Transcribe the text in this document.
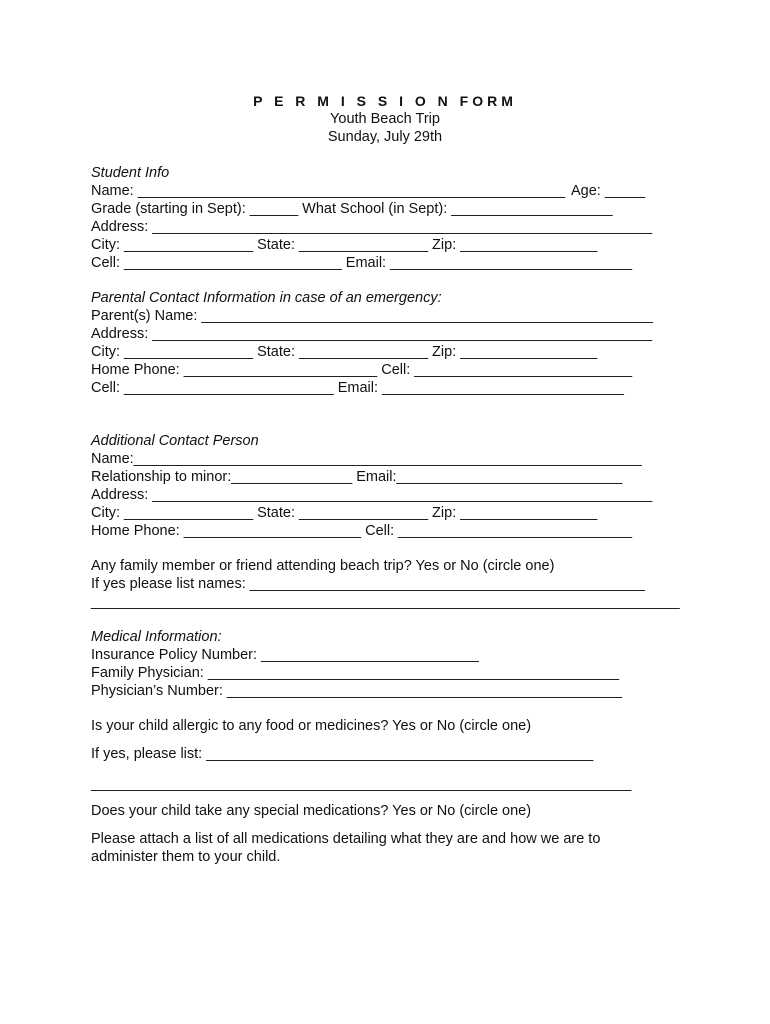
P E R M I S S I O N FORM
Youth Beach Trip
Sunday, July 29th
Student Info
Name: _____________________________________________________ Age: _____
Grade (starting in Sept): ______ What School (in Sept): ____________________
Address: ______________________________________________________________
City: ________________ State: ________________ Zip: _________________
Cell: ___________________________ Email: ______________________________
Parental Contact Information in case of an emergency:
Parent(s) Name: ________________________________________________________
Address: ______________________________________________________________
City: ________________ State: ________________ Zip: _________________
Home Phone: ________________________ Cell: ___________________________
Cell: __________________________ Email: ______________________________
Additional Contact Person
Name:_______________________________________________________________
Relationship to minor:_______________ Email:____________________________
Address: ______________________________________________________________
City: ________________ State: ________________ Zip: _________________
Home Phone: ______________________ Cell: _____________________________
Any family member or friend attending beach trip? Yes or No (circle one)
If yes please list names: _________________________________________________
_________________________________________________________________________
Medical Information:
Insurance Policy Number: ___________________________
Family Physician: ___________________________________________________
Physician’s Number: _________________________________________________
Is your child allergic to any food or medicines? Yes or No (circle one)
If yes, please list: ________________________________________________
___________________________________________________________________
Does your child take any special medications? Yes or No (circle one)
Please attach a list of all medications detailing what they are and how we are to
administer them to your child.
